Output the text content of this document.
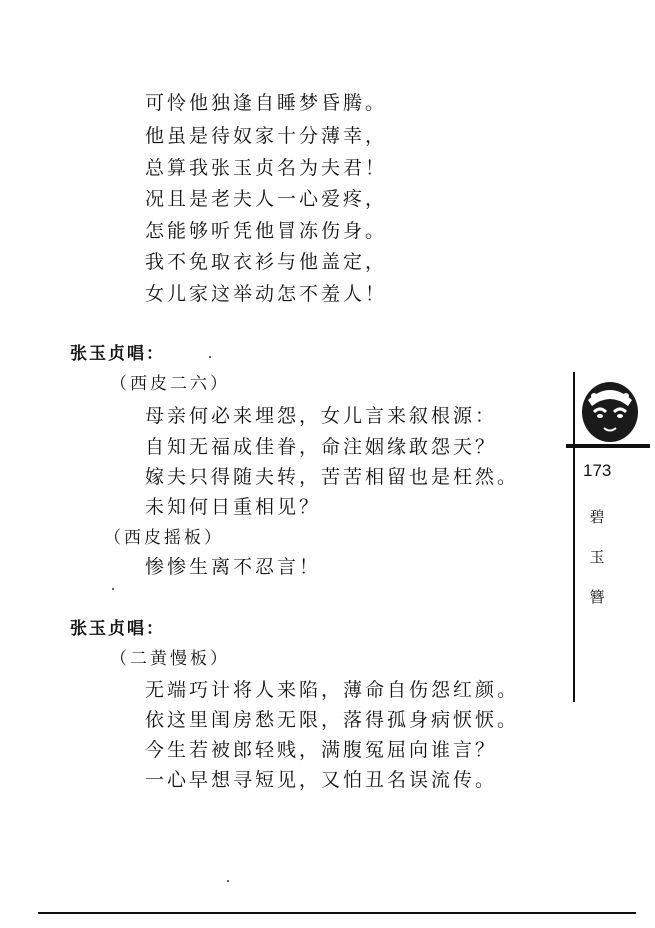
可怜他独逢自睡梦昏腾。
他虽是待奴家十分薄幸，
总算我张玉贞名为夫君！
况且是老夫人一心爱疼，
怎能够听凭他冒冻伤身。
我不免取衣衫与他盖定，
女儿家这举动怎不羞人！
张玉贞唱：
（西皮二六）
母亲何必来埋怨，女儿言来叙根源：
自知无福成佳眷，命注姻缘敢怨天？
嫁夫只得随夫转，苦苦相留也是枉然。
未知何日重相见？
（西皮摇板）
惨惨生离不忍言！
张玉贞唱：
（二黄慢板）
无端巧计将人来陷，薄命自伤怨红颜。
依这里闺房愁无限，落得孤身病恹恹。
今生若被郎轻贱，满腹冤屈向谁言？
一心早想寻短见，又怕丑名误流传。
173
碧
玉
簪
